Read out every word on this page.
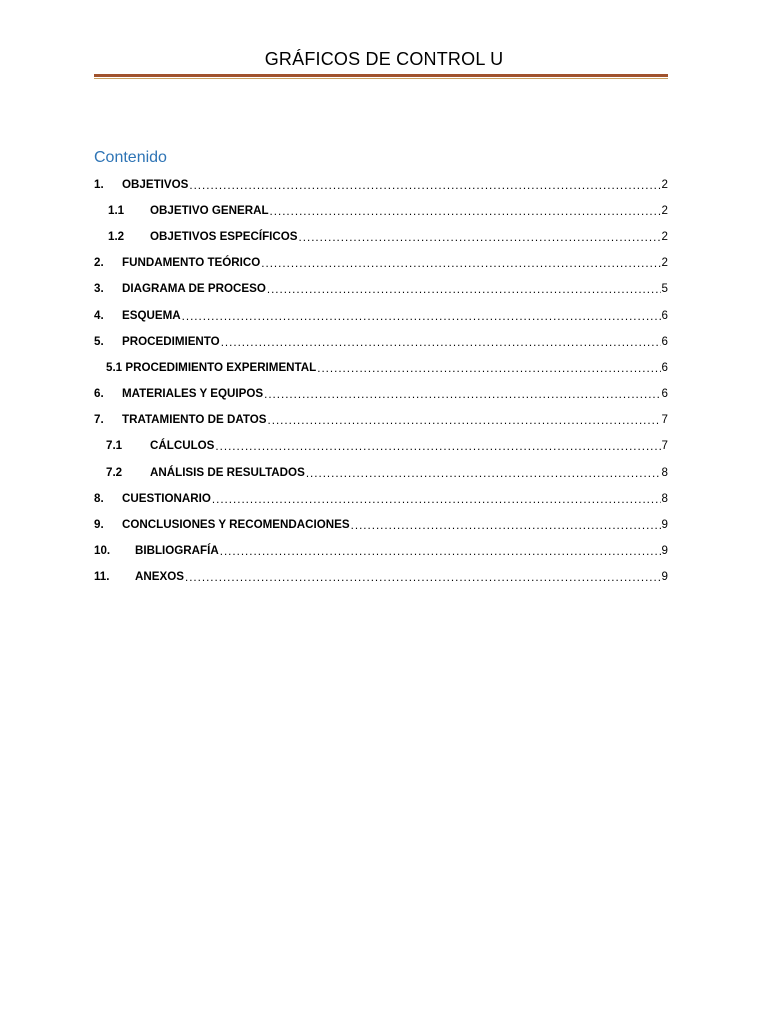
GRÁFICOS DE CONTROL U
Contenido
1.	OBJETIVOS .....	2
1.1	OBJETIVO GENERAL .....	2
1.2	OBJETIVOS ESPECÍFICOS .....	2
2.	FUNDAMENTO TEÓRICO .....	2
3.	DIAGRAMA DE PROCESO .....	5
4.	ESQUEMA .....	6
5.	PROCEDIMIENTO .....	6
5.1 PROCEDIMIENTO EXPERIMENTAL .....	6
6.	MATERIALES Y EQUIPOS .....	6
7.	TRATAMIENTO DE DATOS .....	7
7.1	CÁLCULOS .....	7
7.2	ANÁLISIS DE RESULTADOS .....	8
8.	CUESTIONARIO .....	8
9.	CONCLUSIONES Y RECOMENDACIONES .....	9
10.	BIBLIOGRAFÍA .....	9
11.	ANEXOS .....	9
